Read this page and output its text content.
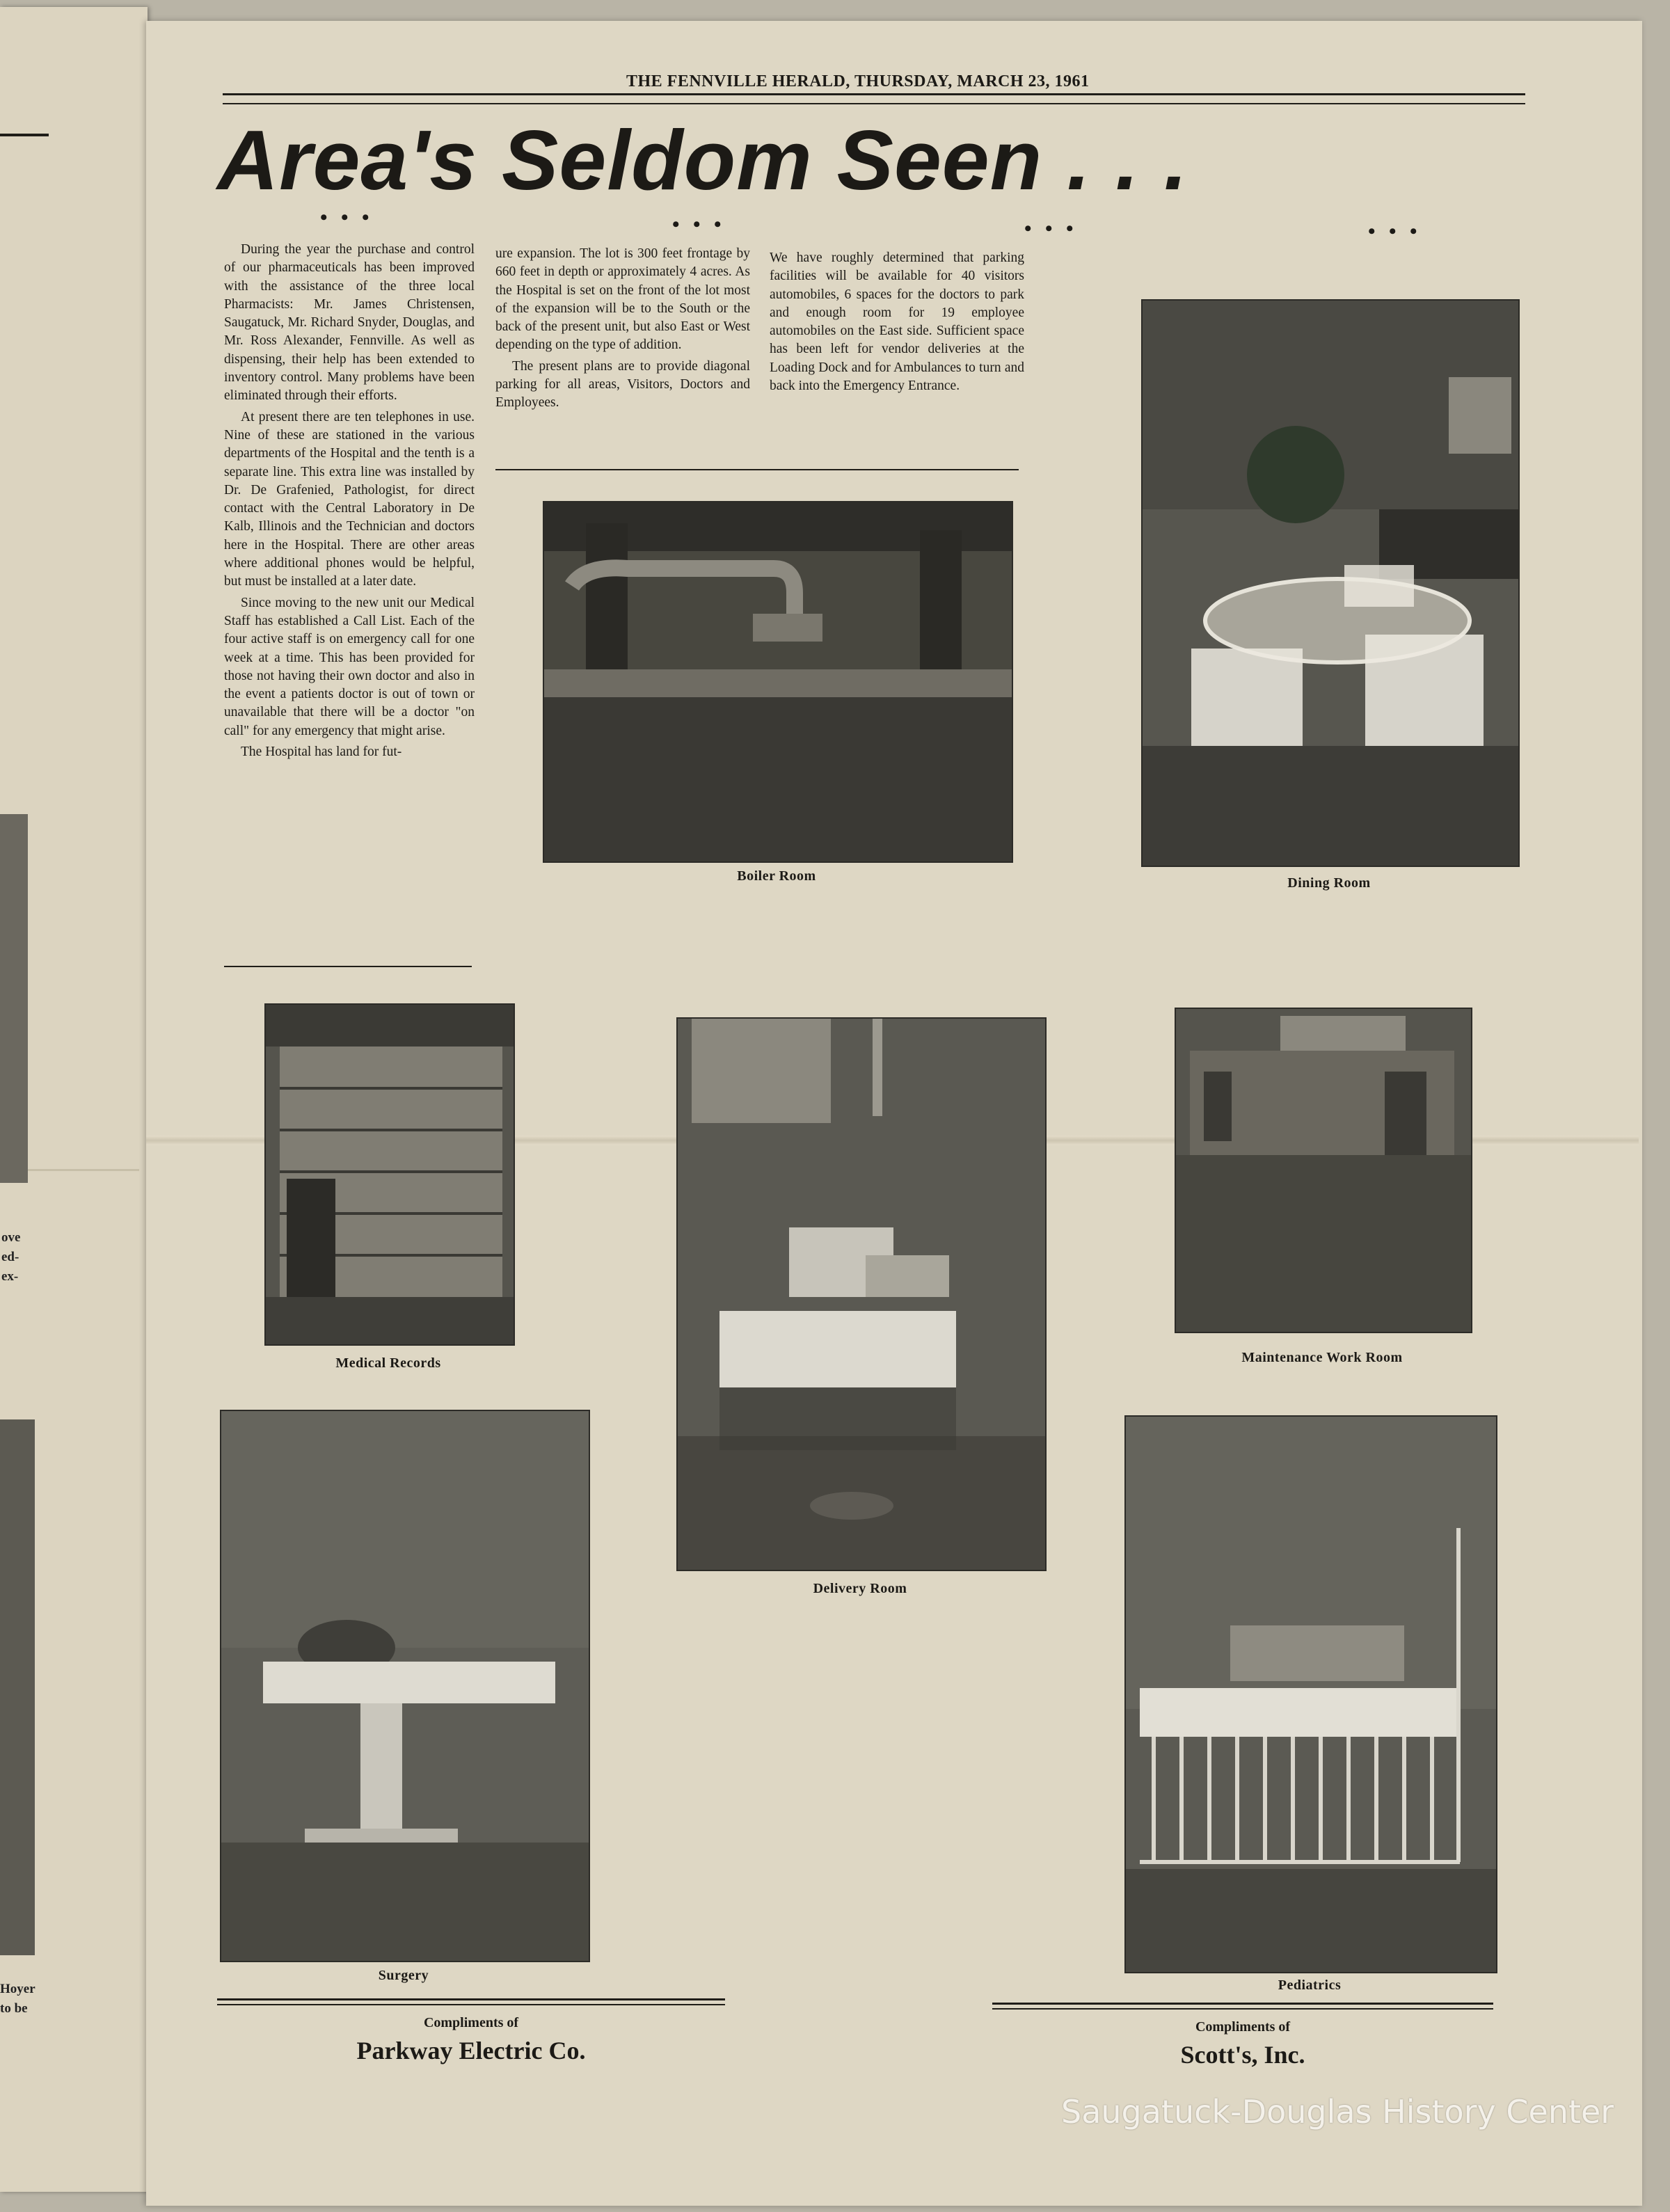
ove
ed-
ex-
Hoyer
to be
THE FENNVILLE HERALD, THURSDAY, MARCH 23, 1961
Area's Seldom Seen . . .
• • •	• • •	• • •	• • •

During the year the purchase and control of our pharmaceuticals has been improved with the assistance of the three local Pharmacists: Mr. James Christensen, Saugatuck, Mr. Richard Snyder, Douglas, and Mr. Ross Alexander, Fennville. As well as dispensing, their help has been extended to inventory control. Many problems have been eliminated through their efforts.

At present there are ten telephones in use. Nine of these are stationed in the various departments of the Hospital and the tenth is a separate line. This extra line was installed by Dr. De Grafenied, Pathologist, for direct contact with the Central Laboratory in De Kalb, Illinois and the Technician and doctors here in the Hospital. There are other areas where additional phones would be helpful, but must be installed at a later date.

Since moving to the new unit our Medical Staff has established a Call List. Each of the four active staff is on emergency call for one week at a time. This has been provided for those not having their own doctor and also in the event a patients doctor is out of town or unavailable that there will be a doctor "on call" for any emergency that might arise.

The Hospital has land for fut-

ure expansion. The lot is 300 feet frontage by 660 feet in depth or approximately 4 acres. As the Hospital is set on the front of the lot most of the expansion will be to the South or the back of the present unit, but also East or West depending on the type of addition.

The present plans are to provide diagonal parking for all areas, Visitors, Doctors and Employees.

We have roughly determined that parking facilities will be available for 40 visitors automobiles, 6 spaces for the doctors to park and enough room for 19 employee automobiles on the East side. Sufficient space has been left for vendor deliveries at the Loading Dock and for Ambulances to turn and back into the Emergency Entrance.

Boiler Room	Dining Room
Medical Records
Delivery Room
Maintenance Work Room
Surgery
Pediatrics
Compliments of
Parkway Electric Co.
Compliments of
Scott's, Inc.
Saugatuck-Douglas History Center
